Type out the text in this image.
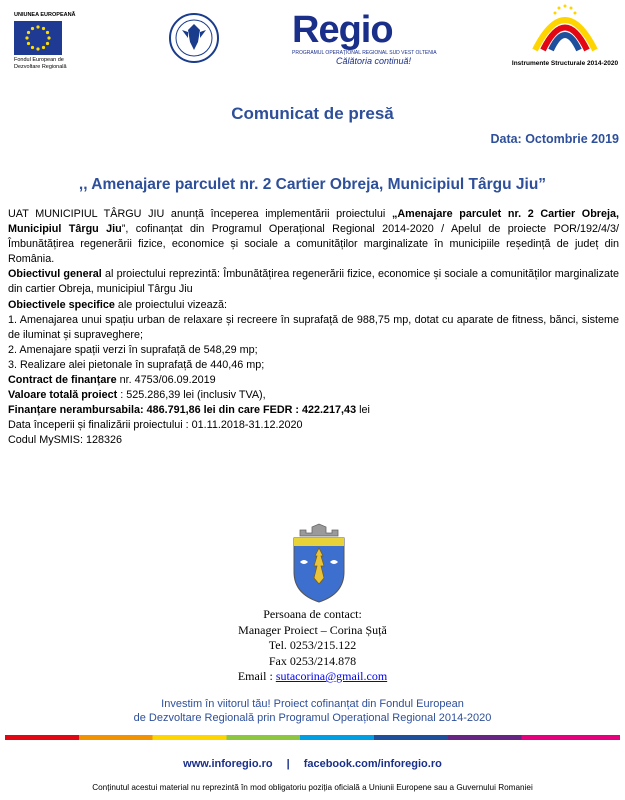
UNIUNEA EUROPEANĂ
Fondul European de Dezvoltare Regională
Regio
PROGRAMUL OPERAȚIONAL REGIONAL SUD VEST OLTENIA
Călătoria continuă!	Instrumente Structurale 2014-2020
Comunicat de presă
Data: Octombrie 2019
,, Amenajare parculet nr. 2 Cartier Obreja, Municipiul Târgu Jiu”

UAT MUNICIPIUL TÂRGU JIU anunță începerea implementării proiectului „Amenajare parculet nr. 2 Cartier Obreja, Municipiul Târgu Jiu”, cofinanțat din Programul Operațional Regional 2014-2020 / Apelul de proiecte POR/192/4/3/Îmbunătățirea regenerării fizice, economice și sociale a comunităților marginalizate în municipiile reședință de județ din România.

Obiectivul general al proiectului reprezintă: Îmbunătățirea regenerării fizice, economice și sociale a comunităților marginalizate din cartier Obreja, municipiul Târgu Jiu

Obiectivele specifice ale proiectului vizează:

1. Amenajarea unui spațiu urban de relaxare și recreere în suprafață de 988,75 mp, dotat cu aparate de fitness, bănci, sisteme de iluminat și supraveghere;

2. Amenajare spații verzi în suprafață de 548,29 mp;

3. Realizare alei pietonale în suprafață de 440,46 mp;

Contract de finanțare nr. 4753/06.09.2019

Valoare totală proiect : 525.286,39 lei (inclusiv TVA),

Finanțare nerambursabila: 486.791,86 lei din care FEDR : 422.217,43 lei

Data începerii și finalizării proiectului : 01.11.2018-31.12.2020

Codul MySMIS: 128326

Persoana de contact:
Manager Proiect – Corina Șuță
Tel. 0253/215.122
Fax 0253/214.878
Email : sutacorina@gmail.com
Investim în viitorul tău! Proiect cofinanțat din Fondul European
de Dezvoltare Regională prin Programul Operațional Regional 2014-2020
www.inforegio.ro | facebook.com/inforegio.ro
Conținutul acestui material nu reprezintă în mod obligatoriu poziția oficială a Uniunii Europene sau a Guvernului Romaniei
